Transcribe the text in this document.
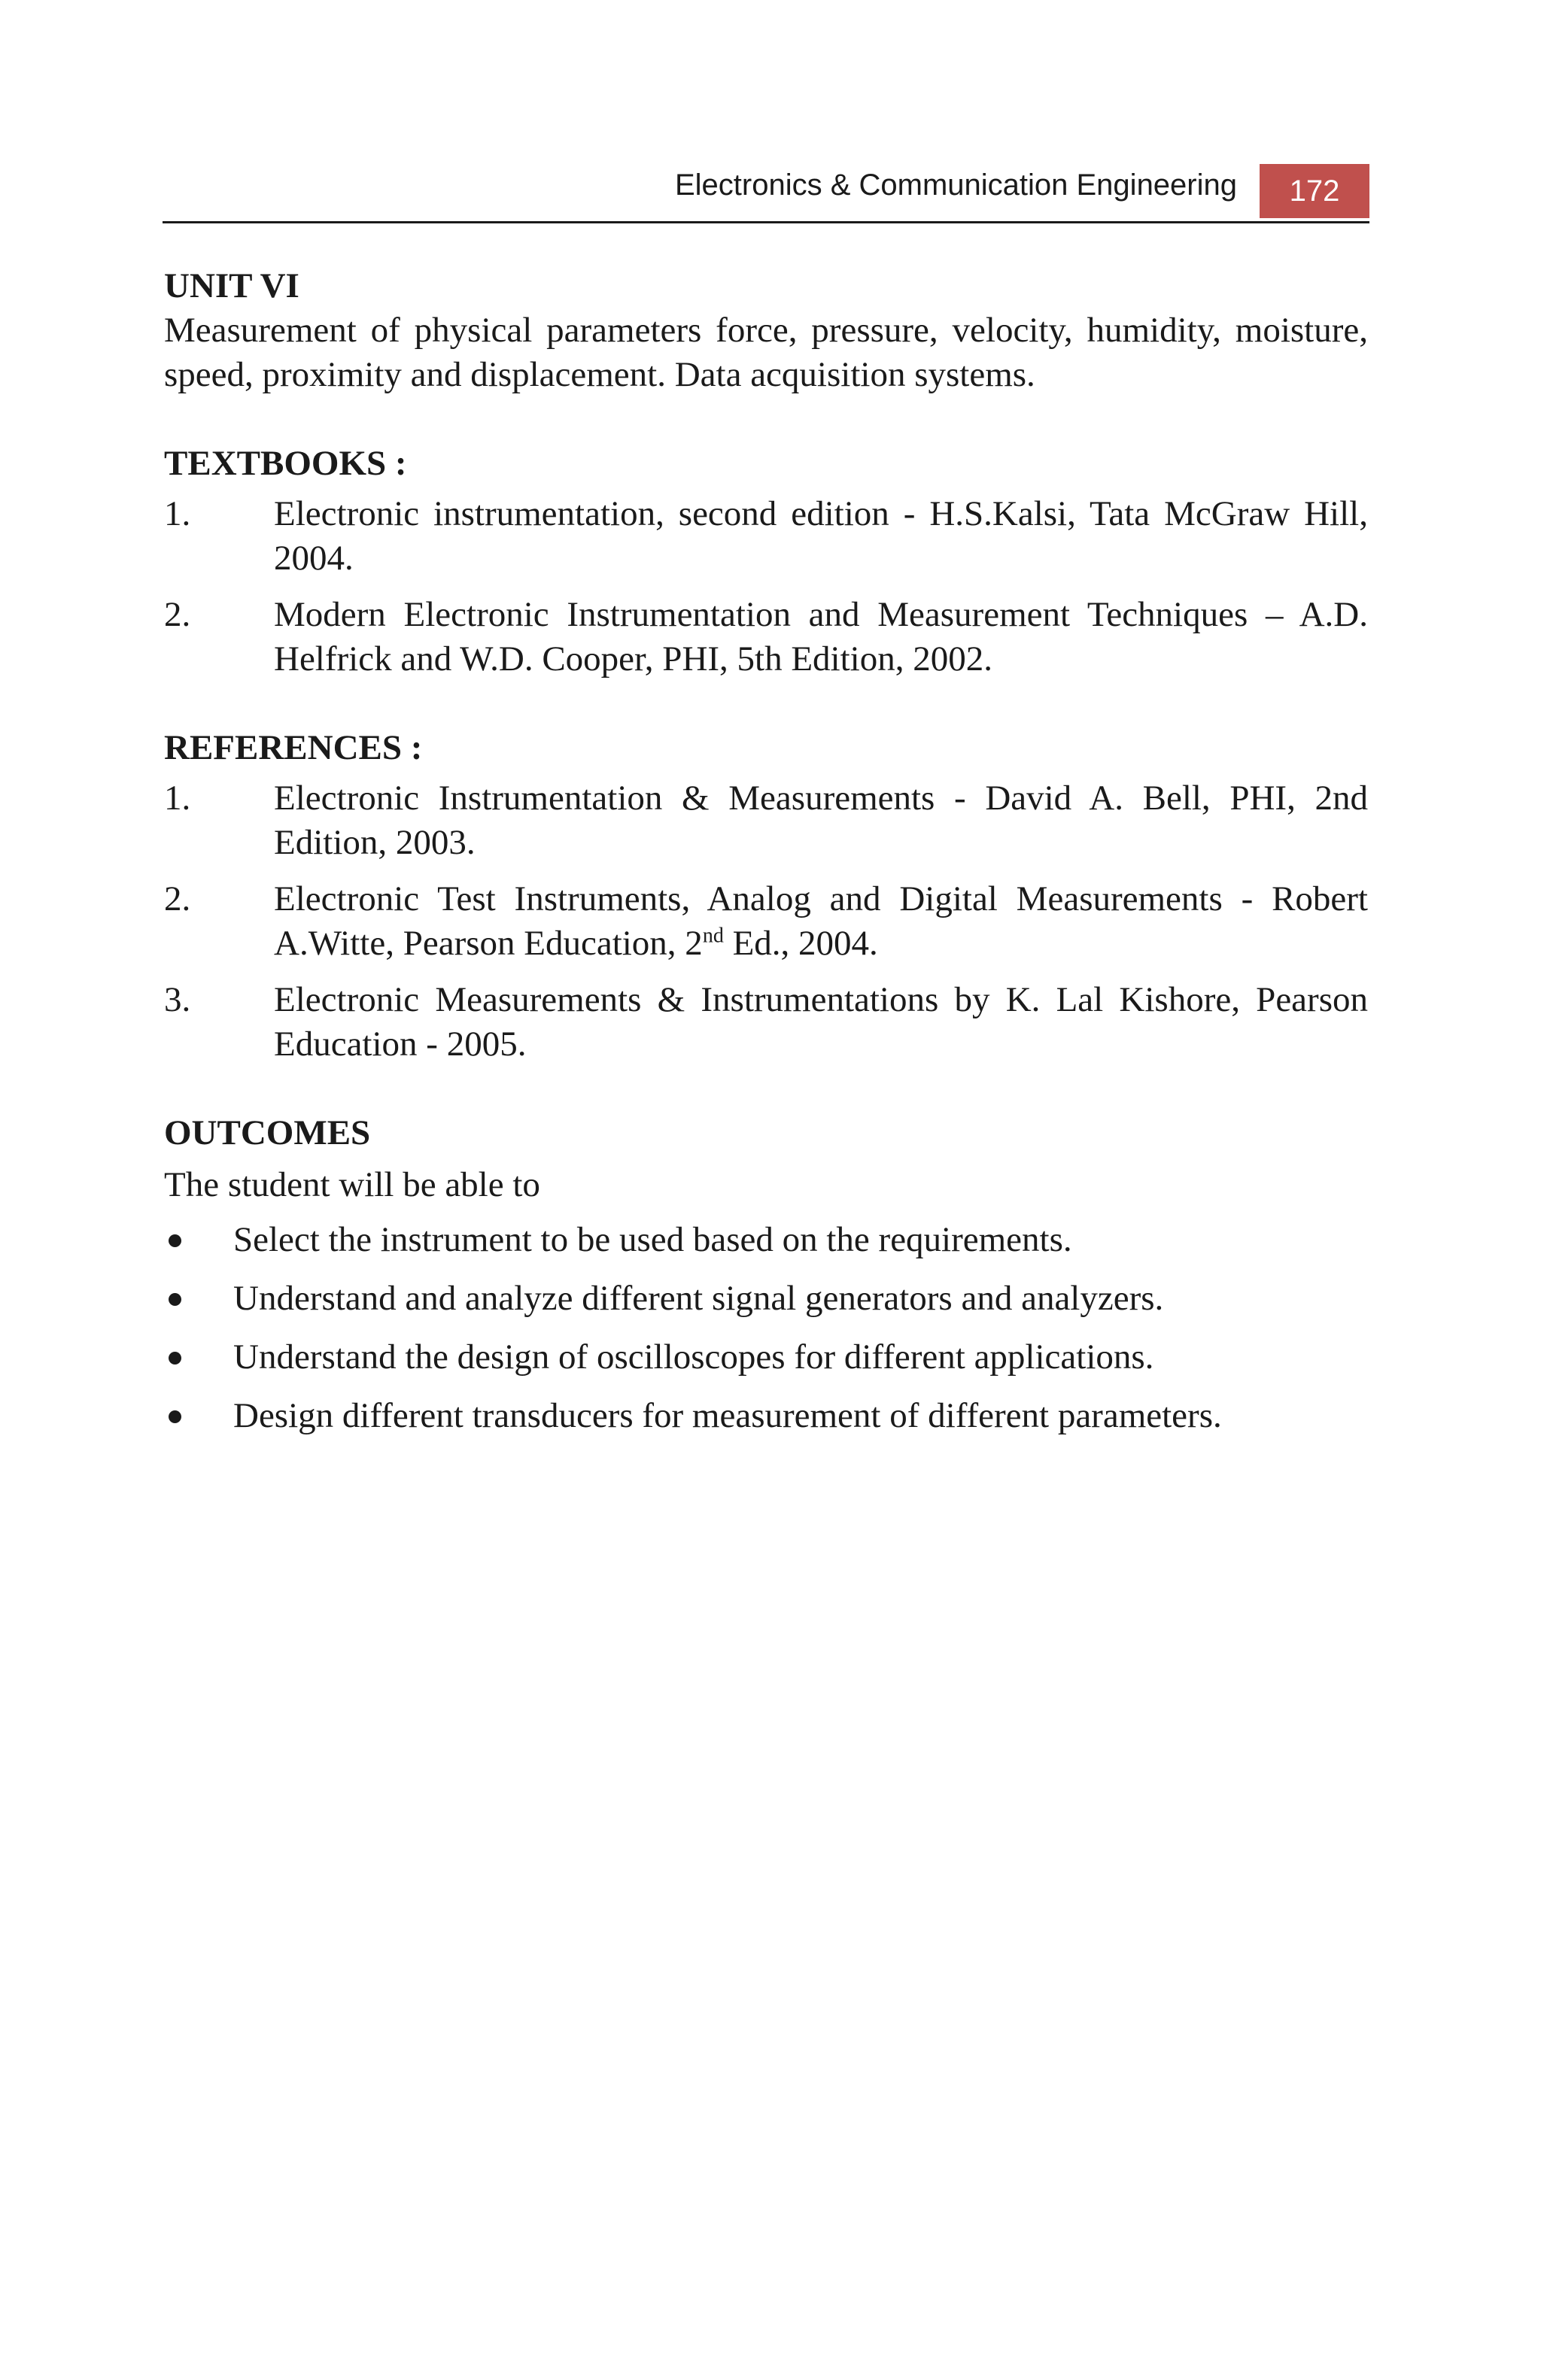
Electronics & Communication Engineering	172

UNIT VI

Measurement of physical parameters force, pressure, velocity, humidity, moisture, speed, proximity and displacement. Data acquisition systems.

TEXTBOOKS :

1. Electronic instrumentation, second edition - H.S.Kalsi, Tata McGraw Hill, 2004.
2. Modern Electronic Instrumentation and Measurement Techniques – A.D. Helfrick and W.D. Cooper, PHI, 5th Edition, 2002.

REFERENCES :

1. Electronic Instrumentation & Measurements - David A. Bell, PHI, 2nd Edition, 2003.
2. Electronic Test Instruments, Analog and Digital Measurements - Robert A.Witte, Pearson Education, 2nd Ed., 2004.
3. Electronic Measurements & Instrumentations by K. Lal Kishore, Pearson Education - 2005.

OUTCOMES

The student will be able to

Select the instrument to be used based on the requirements.
Understand and analyze different signal generators and analyzers.
Understand the design of oscilloscopes for different applications.
Design different transducers for measurement of different parameters.
